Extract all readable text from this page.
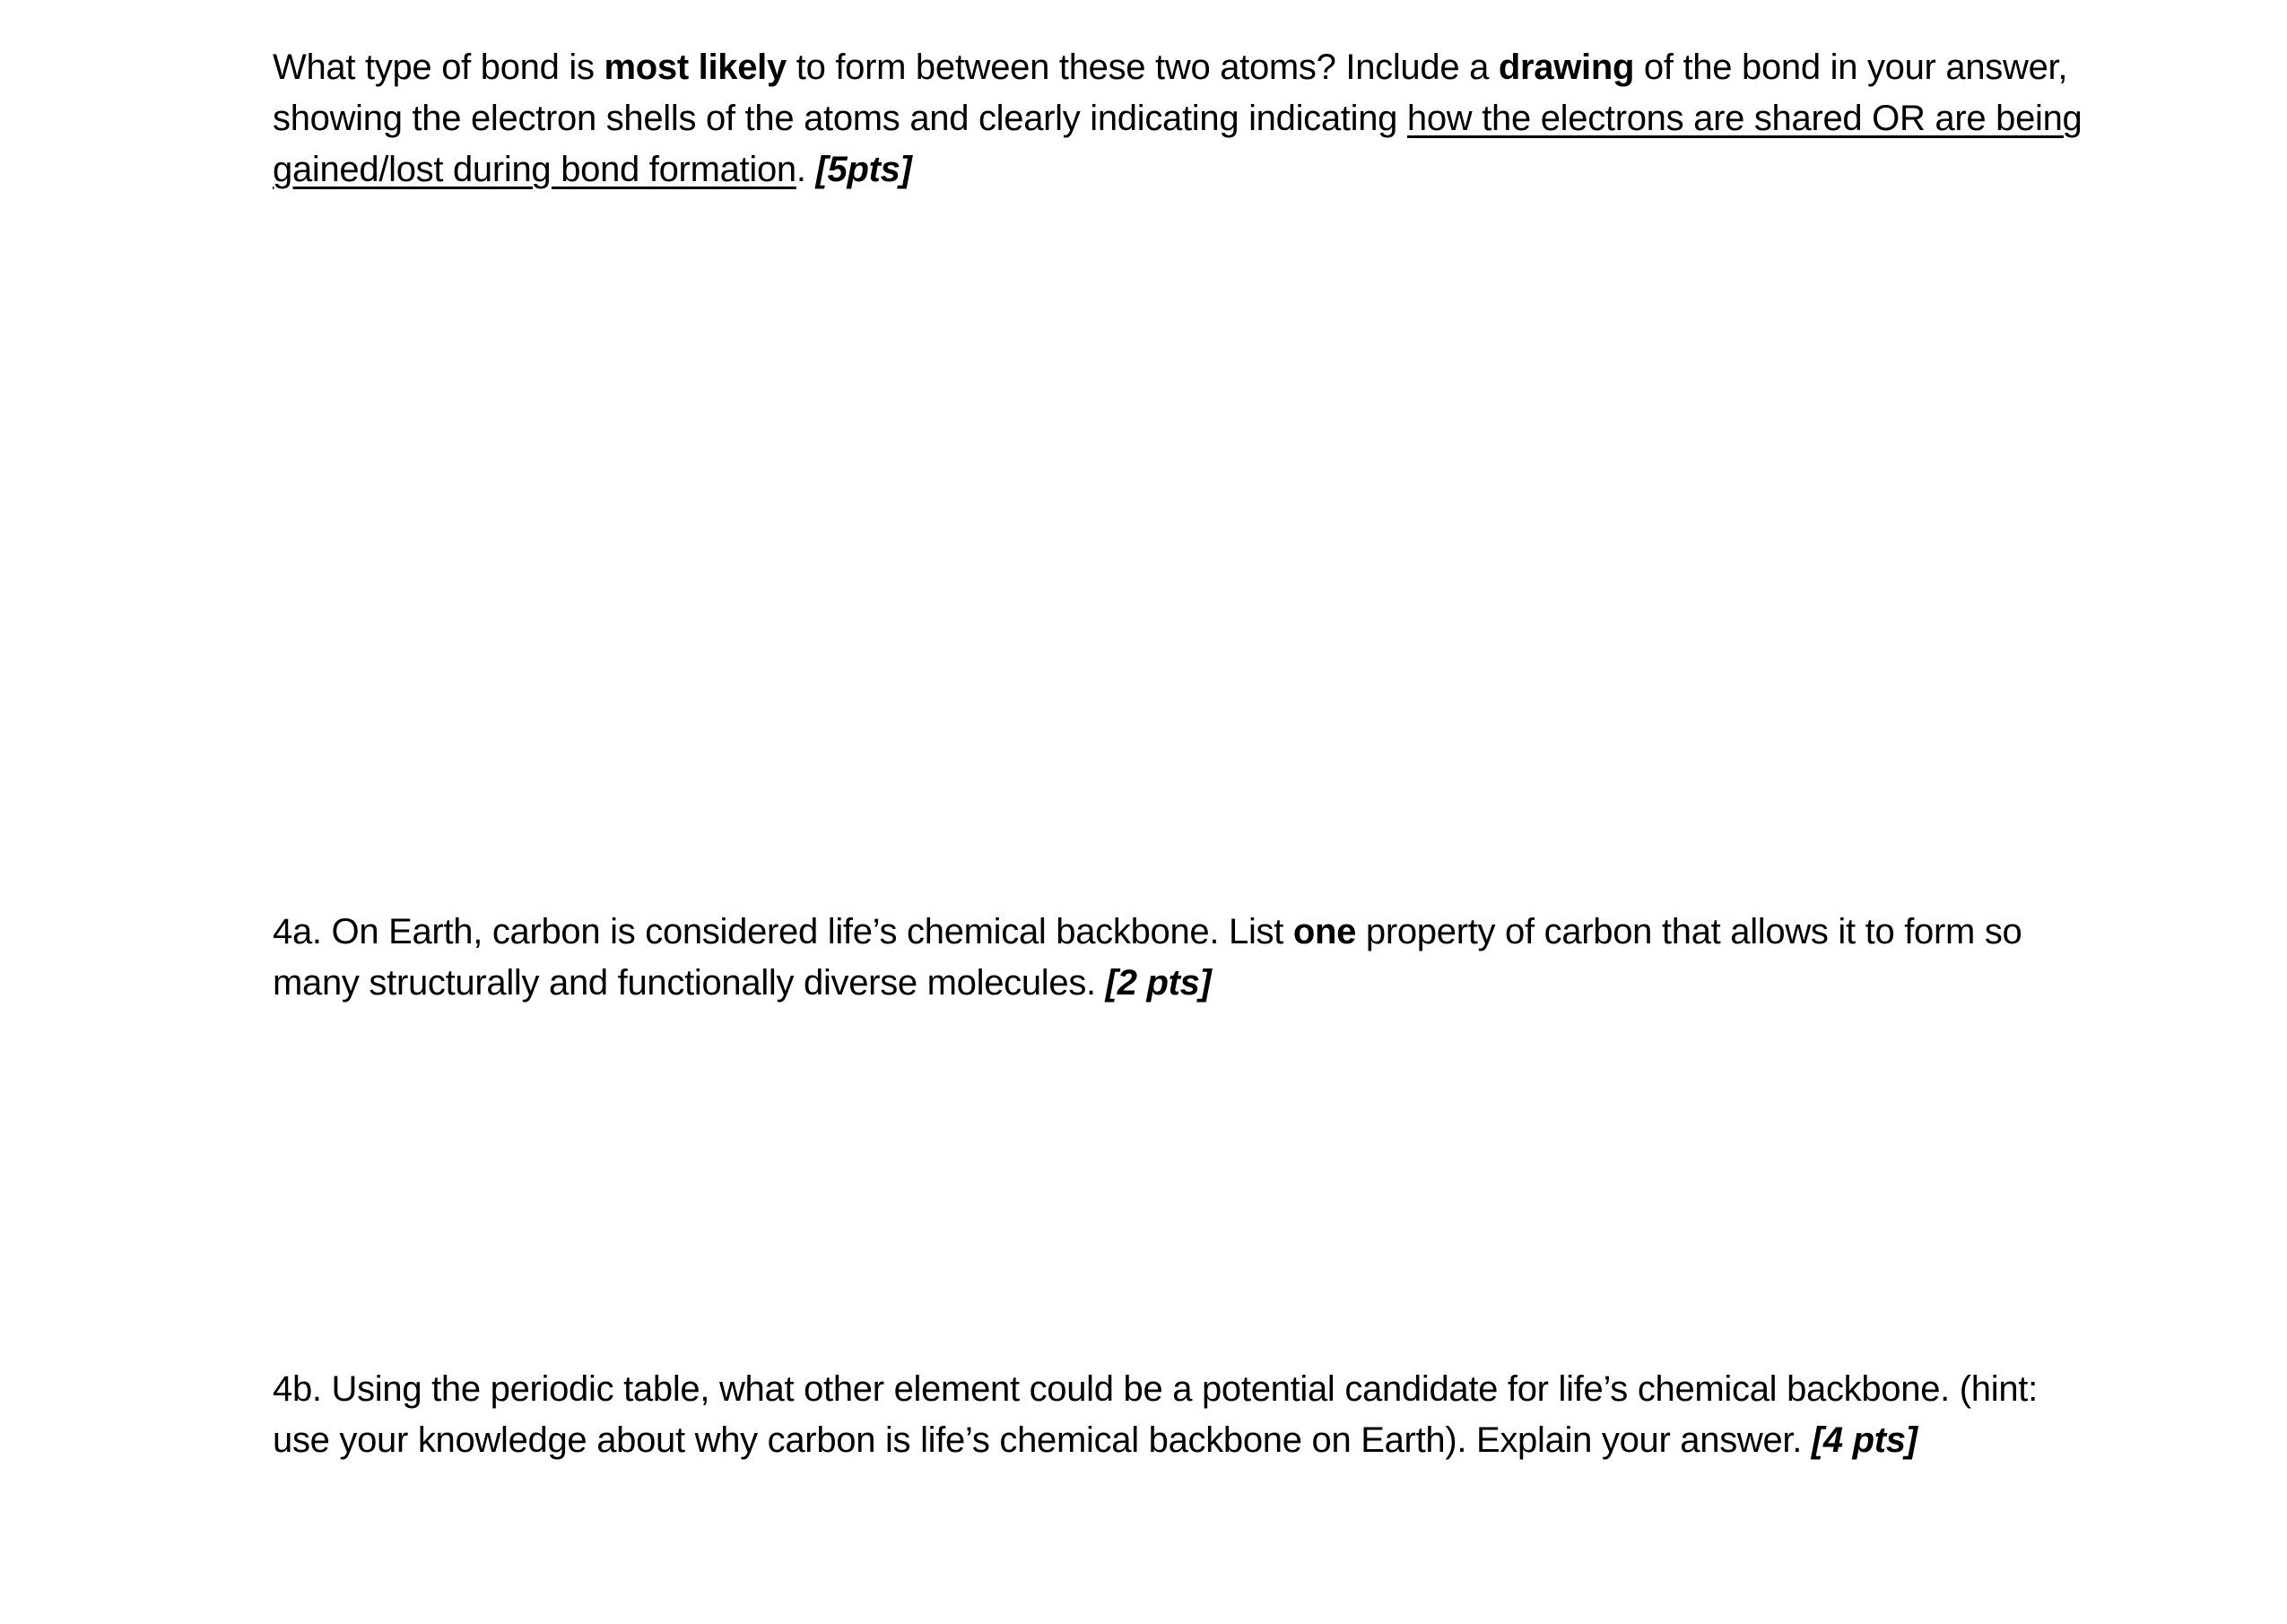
What type of bond is most likely to form between these two atoms? Include a drawing of the bond in your answer, showing the electron shells of the atoms and clearly indicating indicating how the electrons are shared OR are being gained/lost during bond formation. [5pts]

4a. On Earth, carbon is considered life’s chemical backbone. List one property of carbon that allows it to form so many structurally and functionally diverse molecules. [2 pts]

4b. Using the periodic table, what other element could be a potential candidate for life’s chemical backbone. (hint: use your knowledge about why carbon is life’s chemical backbone on Earth). Explain your answer. [4 pts]
